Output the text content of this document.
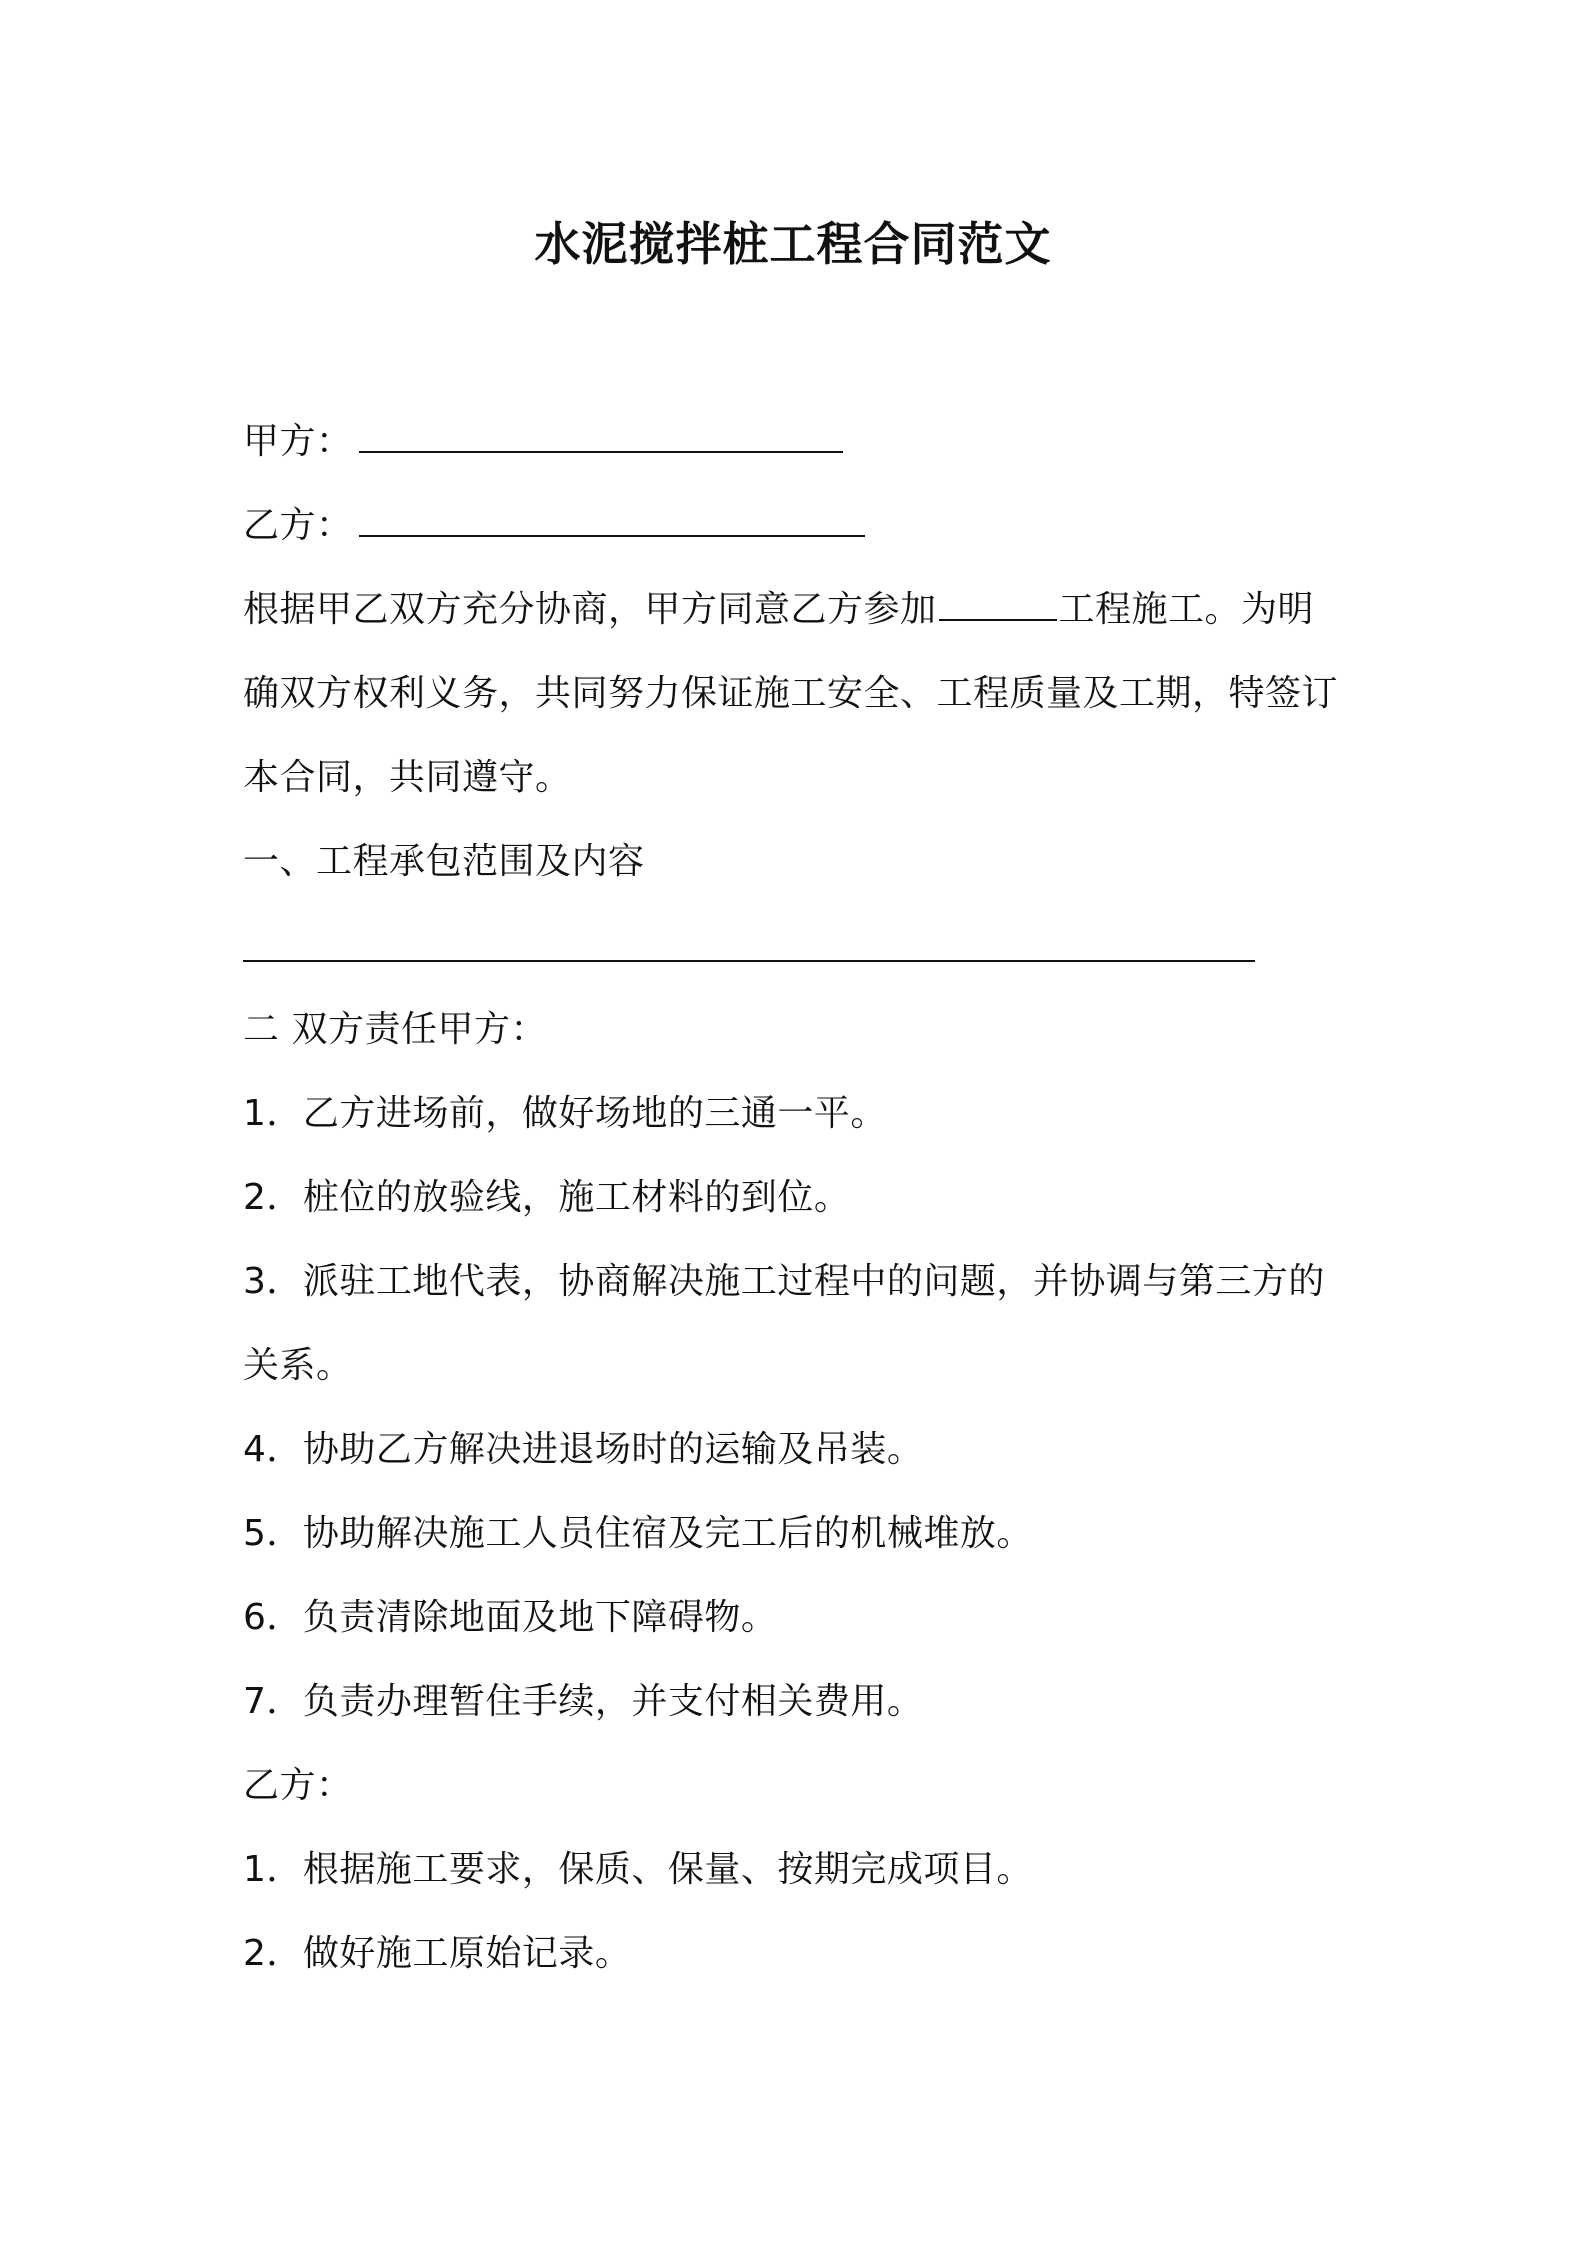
水泥搅拌桩工程合同范文
甲方：
乙方：
根据甲乙双方充分协商，甲方同意乙方参加	工程施工。为明
确双方权利义务，共同努力保证施工安全、工程质量及工期，特签订
本合同，共同遵守。
一、工程承包范围及内容
二 双方责任甲方：
1．乙方进场前，做好场地的三通一平。
2．桩位的放验线，施工材料的到位。
3．派驻工地代表，协商解决施工过程中的问题，并协调与第三方的
关系。
4．协助乙方解决进退场时的运输及吊装。
5．协助解决施工人员住宿及完工后的机械堆放。
6．负责清除地面及地下障碍物。
7．负责办理暂住手续，并支付相关费用。
乙方：
1．根据施工要求，保质、保量、按期完成项目。
2．做好施工原始记录。
